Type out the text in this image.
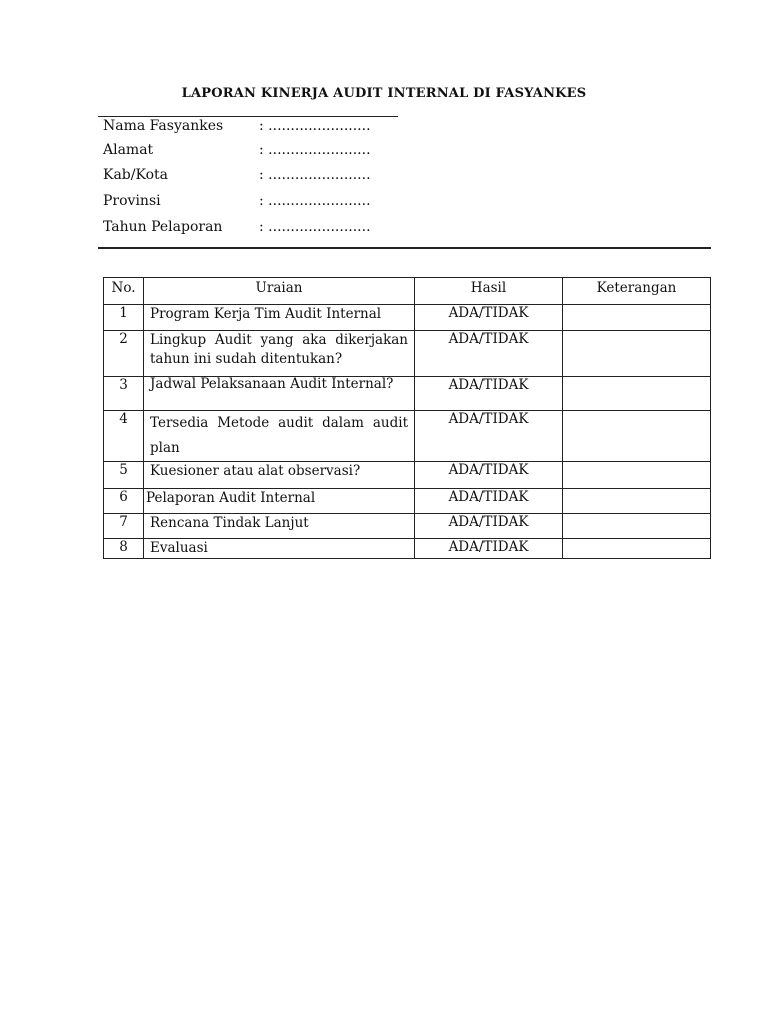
LAPORAN KINERJA AUDIT INTERNAL DI FASYANKES
Nama Fasyankes	: .......................
Alamat	: .......................
Kab/Kota	: .......................
Provinsi	: .......................
Tahun Pelaporan	: .......................
No.	Uraian	Hasil	Keterangan
1	Program Kerja Tim Audit Internal	ADA/TIDAK	
2	Lingkup Audit yang aka dikerjakan tahun ini sudah ditentukan?	ADA/TIDAK	
3	Jadwal Pelaksanaan Audit Internal?	ADA/TIDAK	
4	Tersedia Metode audit dalam audit plan	ADA/TIDAK	
5	Kuesioner atau alat observasi?	ADA/TIDAK	
6	Pelaporan Audit Internal	ADA/TIDAK	
7	Rencana Tindak Lanjut	ADA/TIDAK	
8	Evaluasi	ADA/TIDAK	
